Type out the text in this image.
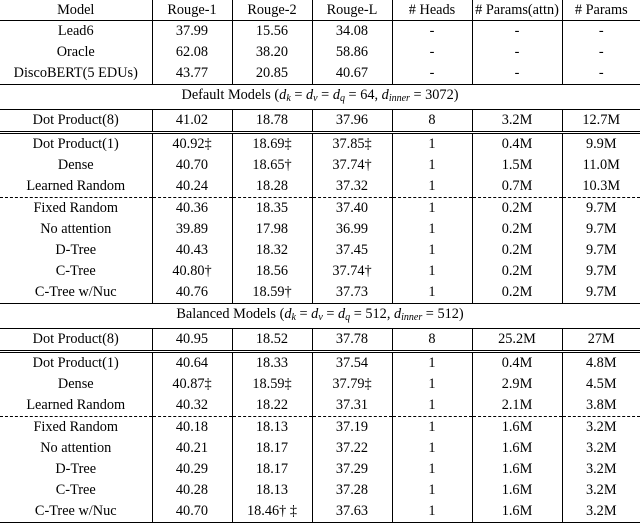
Model	Rouge-1	Rouge-2	Rouge-L	# Heads	# Params(attn)	# Params
Lead6	37.99	15.56	34.08	-	-	-
Oracle	62.08	38.20	58.86	-	-	-
DiscoBERT(5 EDUs)	43.77	20.85	40.67	-	-	-
Default Models ($d_k = d_v = d_q = 64$, $d_{inner} = 3072$)						
Dot Product(8)	41.02	18.78	37.96	8	3.2M	12.7M
Dot Product(1)	40.92‡	18.69‡	37.85‡	1	0.4M	9.9M
Dense	40.70	18.65†	37.74†	1	1.5M	11.0M
Learned Random	40.24	18.28	37.32	1	0.7M	10.3M
Fixed Random	40.36	18.35	37.40	1	0.2M	9.7M
No attention	39.89	17.98	36.99	1	0.2M	9.7M
D-Tree	40.43	18.32	37.45	1	0.2M	9.7M
C-Tree	40.80†	18.56	37.74†	1	0.2M	9.7M
C-Tree w/Nuc	40.76	18.59†	37.73	1	0.2M	9.7M
Balanced Models ($d_k = d_v = d_q = 512$, $d_{inner} = 512$)						
Dot Product(8)	40.95	18.52	37.78	8	25.2M	27M
Dot Product(1)	40.64	18.33	37.54	1	0.4M	4.8M
Dense	40.87‡	18.59‡	37.79‡	1	2.9M	4.5M
Learned Random	40.32	18.22	37.31	1	2.1M	3.8M
Fixed Random	40.18	18.13	37.19	1	1.6M	3.2M
No attention	40.21	18.17	37.22	1	1.6M	3.2M
D-Tree	40.29	18.17	37.29	1	1.6M	3.2M
C-Tree	40.28	18.13	37.28	1	1.6M	3.2M
C-Tree w/Nuc	40.70	18.46† ‡	37.63	1	1.6M	3.2M
